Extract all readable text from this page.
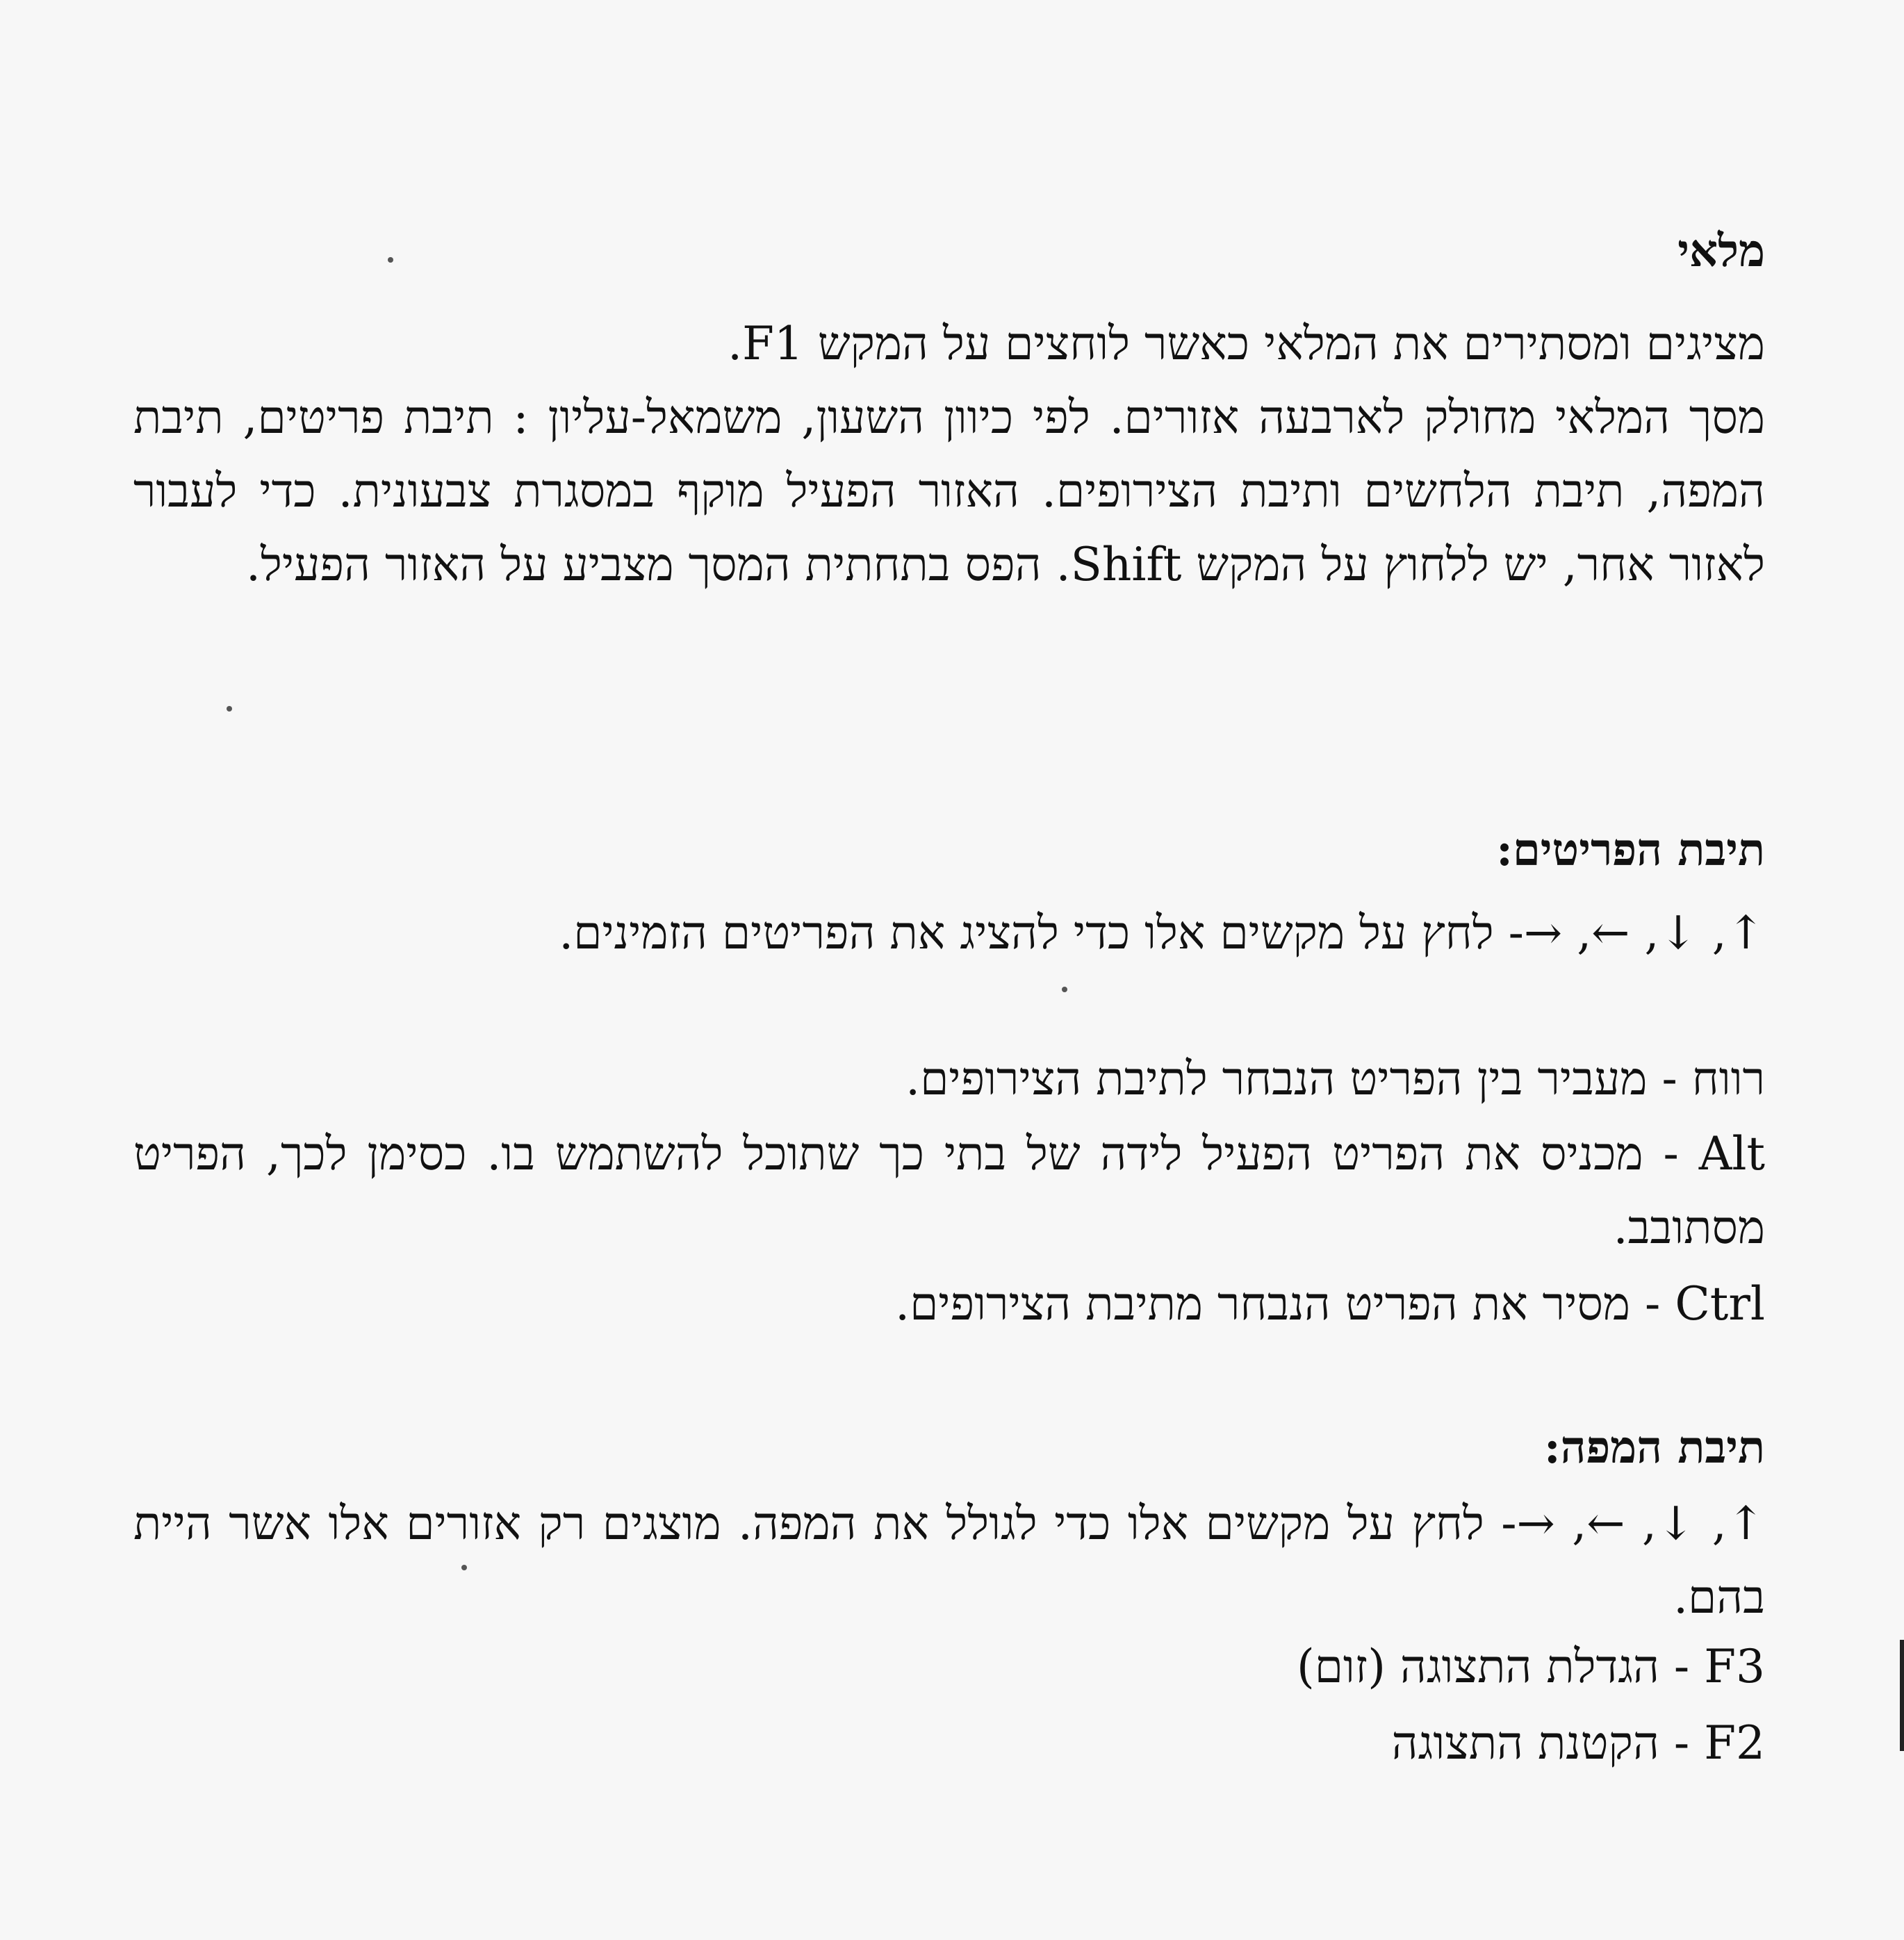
מלאי

מציגים ומסתירים את המלאי כאשר לוחצים על המקש F1.

מסך המלאי מחולק לארבעה אזורים. לפי כיוון השעון, משמאל-עליון : תיבת פריטים, תיבת המפה, תיבת הלחשים ותיבת הצירופים. האזור הפעיל מוקף במסגרת צבעונית. כדי לעבור לאזור אחר, יש ללחוץ על המקש Shift. הפס בתחתית המסך מצביע על האזור הפעיל.

תיבת הפריטים:

↑, ↓, ←, →- לחץ על מקשים אלו כדי להציג את הפריטים הזמינים.

רווח - מעביר בין הפריט הנבחר לתיבת הצירופים.

Alt - מכניס את הפריט הפעיל לידה של בתי כך שתוכל להשתמש בו. כסימן לכך, הפריט מסתובב.

Ctrl - מסיר את הפריט הנבחר מתיבת הצירופים.

תיבת המפה:

↑, ↓, ←, →- לחץ על מקשים אלו כדי לגולל את המפה. מוצגים רק אזורים אלו אשר היית בהם.

F3 - הגדלת התצוגה (זום)

F2 - הקטנת התצוגה
